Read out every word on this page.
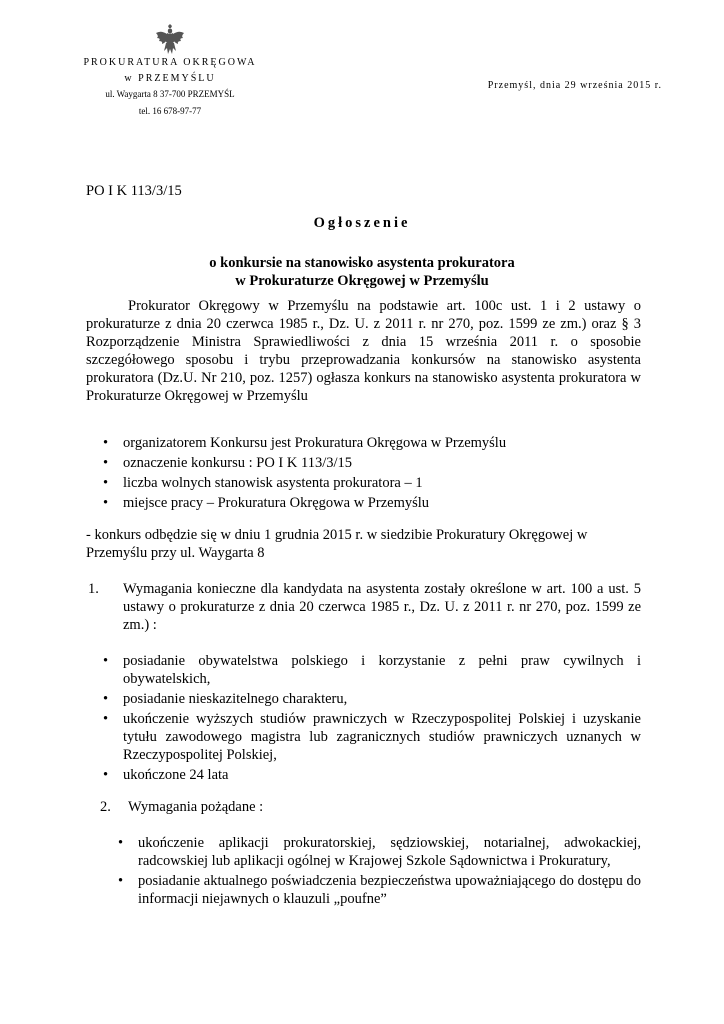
PROKURATURA OKRĘGOWA
w PRZEMYŚLU
ul. Waygarta 8 37-700 PRZEMYŚL
tel. 16 678-97-77
Przemyśl, dnia 29 września 2015 r.
PO I K 113/3/15
Ogłoszenie
o konkursie na stanowisko asystenta prokuratora
w Prokuraturze Okręgowej w Przemyślu

Prokurator Okręgowy w Przemyślu na podstawie art. 100c ust. 1 i 2 ustawy o prokuraturze z dnia 20 czerwca 1985 r., Dz. U. z 2011 r. nr 270, poz. 1599 ze zm.) oraz § 3 Rozporządzenie Ministra Sprawiedliwości z dnia 15 września 2011 r. o sposobie szczegółowego sposobu i trybu przeprowadzania konkursów na stanowisko asystenta prokuratora (Dz.U. Nr 210, poz. 1257) ogłasza konkurs na stanowisko asystenta prokuratora w Prokuraturze Okręgowej w Przemyślu

• organizatorem Konkursu jest Prokuratura Okręgowa w Przemyślu
• oznaczenie konkursu : PO I K 113/3/15
• liczba wolnych stanowisk asystenta prokuratora – 1
• miejsce pracy – Prokuratura Okręgowa w Przemyślu

- konkurs odbędzie się w dniu 1 grudnia 2015 r. w siedzibie Prokuratury Okręgowej w Przemyślu przy ul. Waygarta 8

1. Wymagania konieczne dla kandydata na asystenta zostały określone w art. 100 a ust. 5 ustawy o prokuraturze z dnia 20 czerwca 1985 r., Dz. U. z 2011 r. nr 270, poz. 1599 ze zm.) :
• posiadanie obywatelstwa polskiego i korzystanie z pełni praw cywilnych i obywatelskich,
• posiadanie nieskazitelnego charakteru,
• ukończenie wyższych studiów prawniczych w Rzeczypospolitej Polskiej i uzyskanie tytułu zawodowego magistra lub zagranicznych studiów prawniczych uznanych w Rzeczypospolitej Polskiej,
• ukończone 24 lata
2. Wymagania pożądane :
• ukończenie aplikacji prokuratorskiej, sędziowskiej, notarialnej, adwokackiej, radcowskiej lub aplikacji ogólnej w Krajowej Szkole Sądownictwa i Prokuratury,
• posiadanie aktualnego poświadczenia bezpieczeństwa upoważniającego do dostępu do informacji niejawnych o klauzuli „poufne”
